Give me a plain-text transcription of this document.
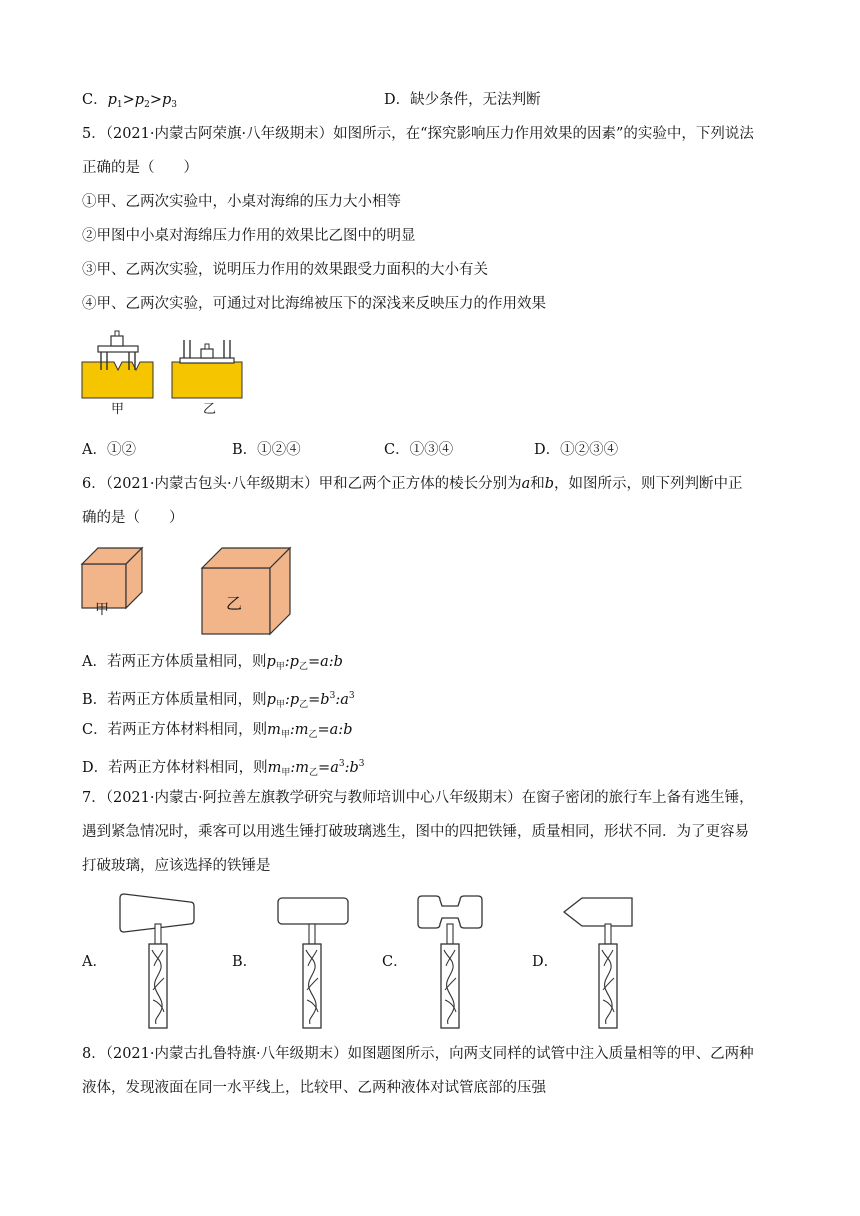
C．$p_1>p_2>p_3$	D．缺少条件，无法判断
5．（2021·内蒙古阿荣旗·八年级期末）如图所示，在“探究影响压力作用效果的因素”的实验中，下列说法
正确的是（　　）
①甲、乙两次实验中，小桌对海绵的压力大小相等
②甲图中小桌对海绵压力作用的效果比乙图中的明显
③甲、乙两次实验，说明压力作用的效果跟受力面积的大小有关
④甲、乙两次实验，可通过对比海绵被压下的深浅来反映压力的作用效果
甲	乙
A．①②	B．①②④	C．①③④	D．①②③④
6．（2021·内蒙古包头·八年级期末）甲和乙两个正方体的棱长分别为a和b，如图所示，则下列判断中正
确的是（　　）
甲	乙
A．若两正方体质量相同，则$p_甲:p_乙=a:b$
B．若两正方体质量相同，则$p_甲:p_乙=b^3:a^3$
C．若两正方体材料相同，则$m_甲:m_乙=a:b$
D．若两正方体材料相同，则$m_甲:m_乙=a^3:b^3$
7．（2021·内蒙古·阿拉善左旗教学研究与教师培训中心八年级期末）在窗子密闭的旅行车上备有逃生锤，
遇到紧急情况时，乘客可以用逃生锤打破玻璃逃生，图中的四把铁锤，质量相同，形状不同．为了更容易
打破玻璃，应该选择的铁锤是
A．	B．	C．	D．
8．（2021·内蒙古扎鲁特旗·八年级期末）如图题图所示，向两支同样的试管中注入质量相等的甲、乙两种
液体，发现液面在同一水平线上，比较甲、乙两种液体对试管底部的压强
